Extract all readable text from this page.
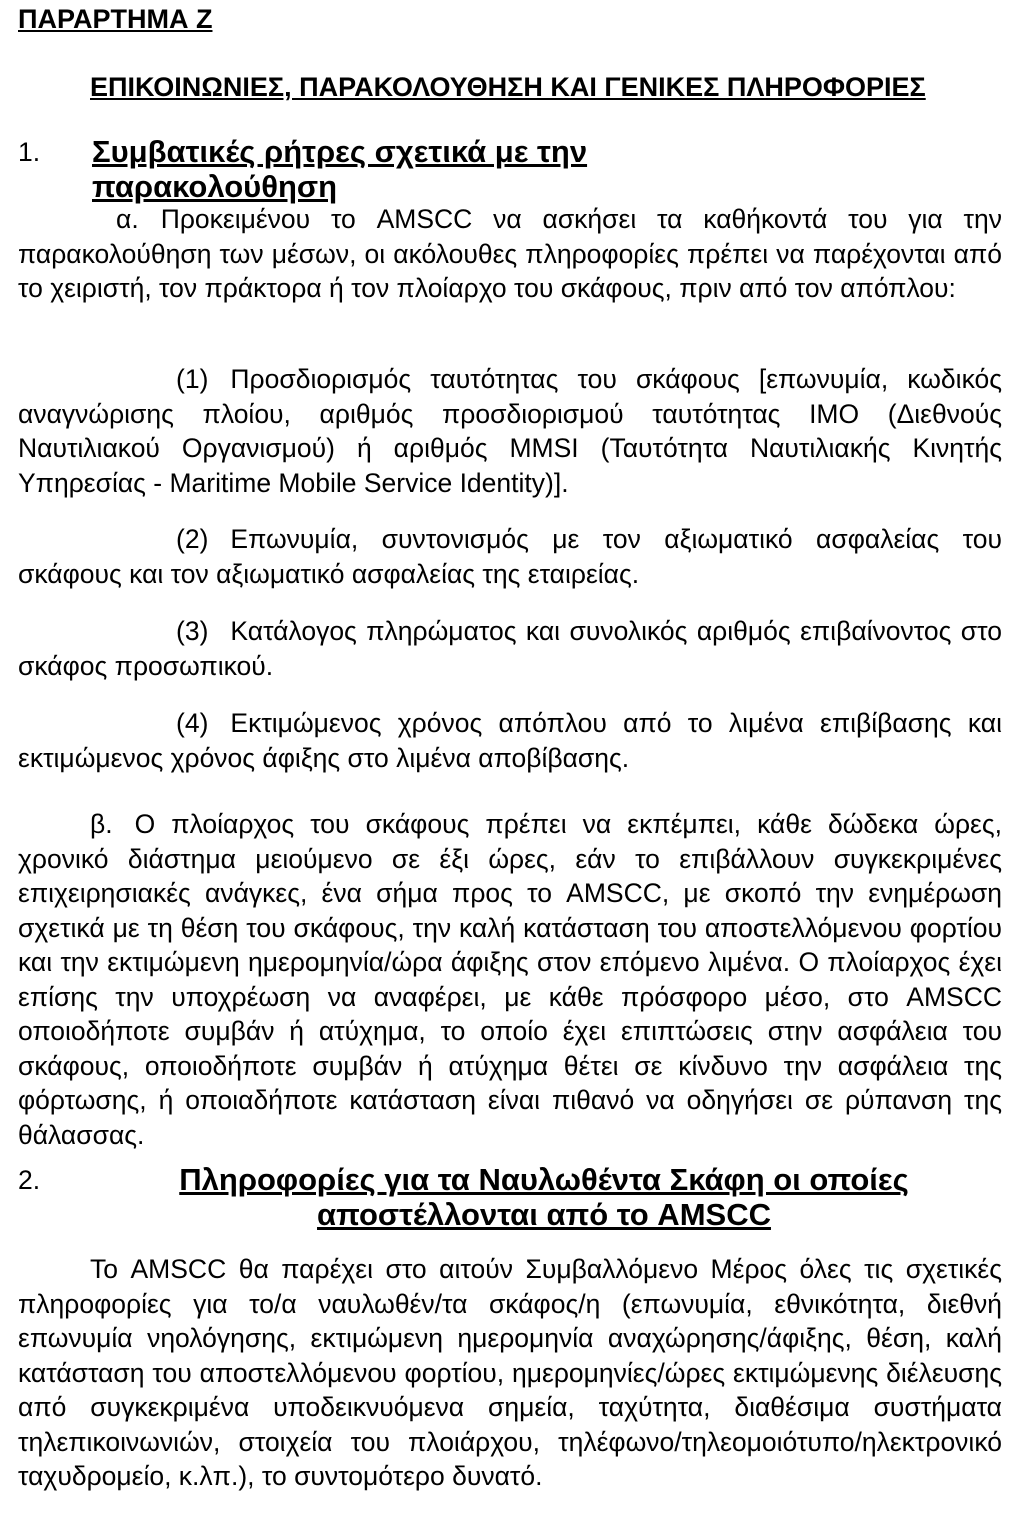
ΠΑΡΑΡΤΗΜΑ Ζ
ΕΠΙΚΟΙΝΩΝΙΕΣ, ΠΑΡΑΚΟΛΟΥΘΗΣΗ ΚΑΙ ΓΕΝΙΚΕΣ ΠΛΗΡΟΦΟΡΙΕΣ
1. Συμβατικές ρήτρες σχετικά με την παρακολούθηση

α. Προκειμένου το AMSCC να ασκήσει τα καθήκοντά του για την παρακολούθηση των μέσων, οι ακόλουθες πληροφορίες πρέπει να παρέχονται από το χειριστή, τον πράκτορα ή τον πλοίαρχο του σκάφους, πριν από τον απόπλου:

(1) Προσδιορισμός ταυτότητας του σκάφους [επωνυμία, κωδικός αναγνώρισης πλοίου, αριθμός προσδιορισμού ταυτότητας IMO (Διεθνούς Ναυτιλιακού Οργανισμού) ή αριθμός MMSI (Ταυτότητα Ναυτιλιακής Κινητής Υπηρεσίας - Maritime Mobile Service Identity)].

(2) Επωνυμία, συντονισμός με τον αξιωματικό ασφαλείας του σκάφους και τον αξιωματικό ασφαλείας της εταιρείας.

(3) Κατάλογος πληρώματος και συνολικός αριθμός επιβαίνοντος στο σκάφος προσωπικού.

(4) Εκτιμώμενος χρόνος απόπλου από το λιμένα επιβίβασης και εκτιμώμενος χρόνος άφιξης στο λιμένα αποβίβασης.

β. Ο πλοίαρχος του σκάφους πρέπει να εκπέμπει, κάθε δώδεκα ώρες, χρονικό διάστημα μειούμενο σε έξι ώρες, εάν το επιβάλλουν συγκεκριμένες επιχειρησιακές ανάγκες, ένα σήμα προς το AMSCC, με σκοπό την ενημέρωση σχετικά με τη θέση του σκάφους, την καλή κατάσταση του αποστελλόμενου φορτίου και την εκτιμώμενη ημερομηνία/ώρα άφιξης στον επόμενο λιμένα. Ο πλοίαρχος έχει επίσης την υποχρέωση να αναφέρει, με κάθε πρόσφορο μέσο, στο AMSCC οποιοδήποτε συμβάν ή ατύχημα, το οποίο έχει επιπτώσεις στην ασφάλεια του σκάφους, οποιοδήποτε συμβάν ή ατύχημα θέτει σε κίνδυνο την ασφάλεια της φόρτωσης, ή οποιαδήποτε κατάσταση είναι πιθανό να οδηγήσει σε ρύπανση της θάλασσας.

2.	Πληροφορίες για τα Ναυλωθέντα Σκάφη οι οποίες αποστέλλονται από το AMSCC

Το AMSCC θα παρέχει στο αιτούν Συμβαλλόμενο Μέρος όλες τις σχετικές πληροφορίες για το/α ναυλωθέν/τα σκάφος/η (επωνυμία, εθνικότητα, διεθνή επωνυμία νηολόγησης, εκτιμώμενη ημερομηνία αναχώρησης/άφιξης, θέση, καλή κατάσταση του αποστελλόμενου φορτίου, ημερομηνίες/ώρες εκτιμώμενης διέλευσης από συγκεκριμένα υποδεικνυόμενα σημεία, ταχύτητα, διαθέσιμα συστήματα τηλεπικοινωνιών, στοιχεία του πλοιάρχου, τηλέφωνο/τηλεομοιότυπο/ηλεκτρονικό ταχυδρομείο, κ.λπ.), το συντομότερο δυνατό.
